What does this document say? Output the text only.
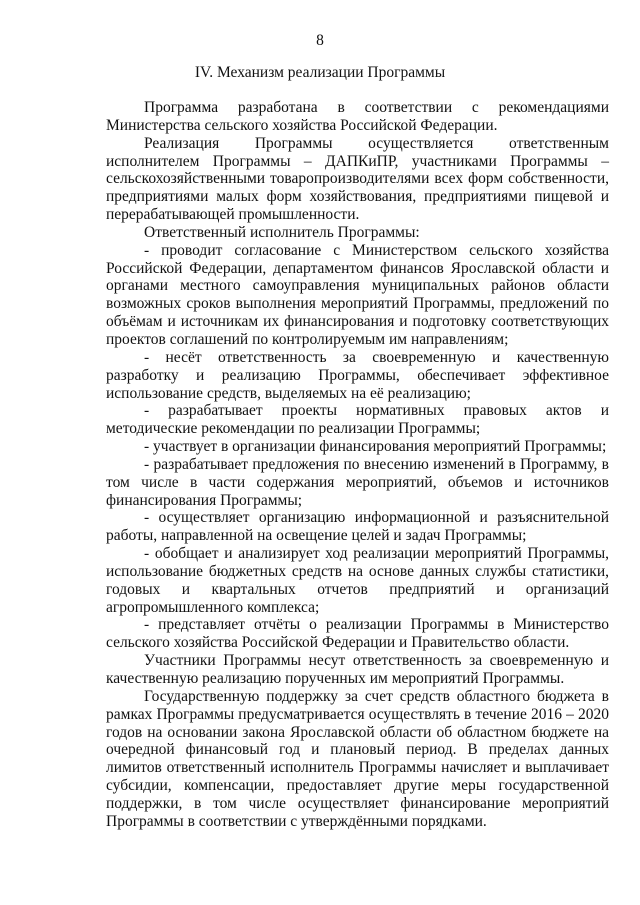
8
IV. Механизм реализации Программы

Программа разработана в соответствии с рекомендациями Министерства сельского хозяйства Российской Федерации.

Реализация Программы осуществляется ответственным исполнителем Программы – ДАПКиПР, участниками Программы – сельскохозяйственными товаропроизводителями всех форм собственности, предприятиями малых форм хозяйствования, предприятиями пищевой и перерабатывающей промышленности.

Ответственный исполнитель Программы:

- проводит согласование с Министерством сельского хозяйства Российской Федерации, департаментом финансов Ярославской области и органами местного самоуправления муниципальных районов области возможных сроков выполнения мероприятий Программы, предложений по объёмам и источникам их финансирования и подготовку соответствующих проектов соглашений по контролируемым им направлениям;

- несёт ответственность за своевременную и качественную разработку и реализацию Программы, обеспечивает эффективное использование средств, выделяемых на её реализацию;

- разрабатывает проекты нормативных правовых актов и методические рекомендации по реализации Программы;

- участвует в организации финансирования мероприятий Программы;

- разрабатывает предложения по внесению изменений в Программу, в том числе в части содержания мероприятий, объемов и источников финансирования Программы;

- осуществляет организацию информационной и разъяснительной работы, направленной на освещение целей и задач Программы;

- обобщает и анализирует ход реализации мероприятий Программы, использование бюджетных средств на основе данных службы статистики, годовых и квартальных отчетов предприятий и организаций агропромышленного комплекса;

- представляет отчёты о реализации Программы в Министерство сельского хозяйства Российской Федерации и Правительство области.

Участники Программы несут ответственность за своевременную и качественную реализацию порученных им мероприятий Программы.

Государственную поддержку за счет средств областного бюджета в рамках Программы предусматривается осуществлять в течение 2016 – 2020 годов на основании закона Ярославской области об областном бюджете на очередной финансовый год и плановый период. В пределах данных лимитов ответственный исполнитель Программы начисляет и выплачивает субсидии, компенсации, предоставляет другие меры государственной поддержки, в том числе осуществляет финансирование мероприятий Программы в соответствии с утверждёнными порядками.
